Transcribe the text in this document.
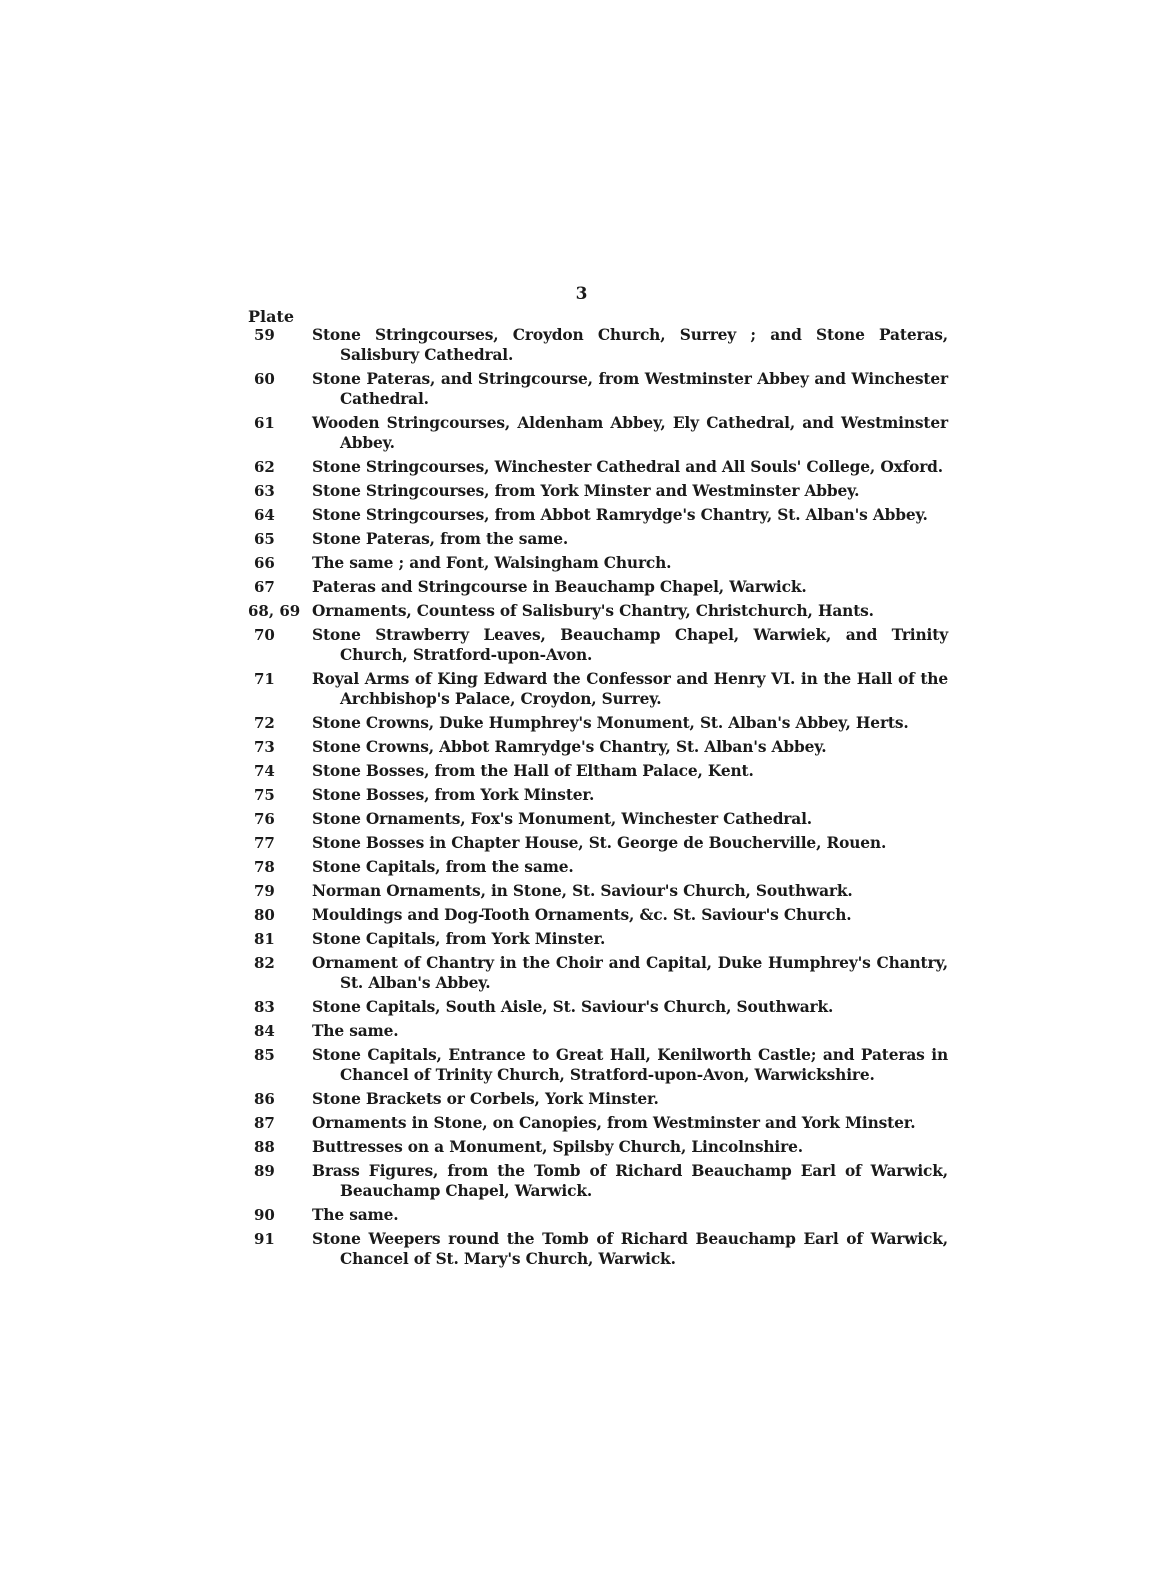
3
Plate
59	Stone Stringcourses, Croydon Church, Surrey ; and Stone Pateras, Salisbury Cathedral.
60	Stone Pateras, and Stringcourse, from Westminster Abbey and Winchester Cathedral.
61	Wooden Stringcourses, Aldenham Abbey, Ely Cathedral, and Westminster Abbey.
62	Stone Stringcourses, Winchester Cathedral and All Souls' College, Oxford.
63	Stone Stringcourses, from York Minster and Westminster Abbey.
64	Stone Stringcourses, from Abbot Ramrydge's Chantry, St. Alban's Abbey.
65	Stone Pateras, from the same.
66	The same ; and Font, Walsingham Church.
67	Pateras and Stringcourse in Beauchamp Chapel, Warwick.
68, 69 Ornaments, Countess of Salisbury's Chantry, Christchurch, Hants.
70	Stone Strawberry Leaves, Beauchamp Chapel, Warwiek, and Trinity Church, Stratford-upon-Avon.
71	Royal Arms of King Edward the Confessor and Henry VI. in the Hall of the Archbishop's Palace, Croydon, Surrey.
72	Stone Crowns, Duke Humphrey's Monument, St. Alban's Abbey, Herts.
73	Stone Crowns, Abbot Ramrydge's Chantry, St. Alban's Abbey.
74	Stone Bosses, from the Hall of Eltham Palace, Kent.
75	Stone Bosses, from York Minster.
76	Stone Ornaments, Fox's Monument, Winchester Cathedral.
77	Stone Bosses in Chapter House, St. George de Boucherville, Rouen.
78	Stone Capitals, from the same.
79	Norman Ornaments, in Stone, St. Saviour's Church, Southwark.
80	Mouldings and Dog-Tooth Ornaments, &c. St. Saviour's Church.
81	Stone Capitals, from York Minster.
82	Ornament of Chantry in the Choir and Capital, Duke Humphrey's Chantry, St. Alban's Abbey.
83	Stone Capitals, South Aisle, St. Saviour's Church, Southwark.
84	The same.
85	Stone Capitals, Entrance to Great Hall, Kenilworth Castle; and Pateras in Chancel of Trinity Church, Stratford-upon-Avon, Warwickshire.
86	Stone Brackets or Corbels, York Minster.
87	Ornaments in Stone, on Canopies, from Westminster and York Minster.
88	Buttresses on a Monument, Spilsby Church, Lincolnshire.
89	Brass Figures, from the Tomb of Richard Beauchamp Earl of Warwick, Beauchamp Chapel, Warwick.
90	The same.
91	Stone Weepers round the Tomb of Richard Beauchamp Earl of Warwick, Chancel of St. Mary's Church, Warwick.
